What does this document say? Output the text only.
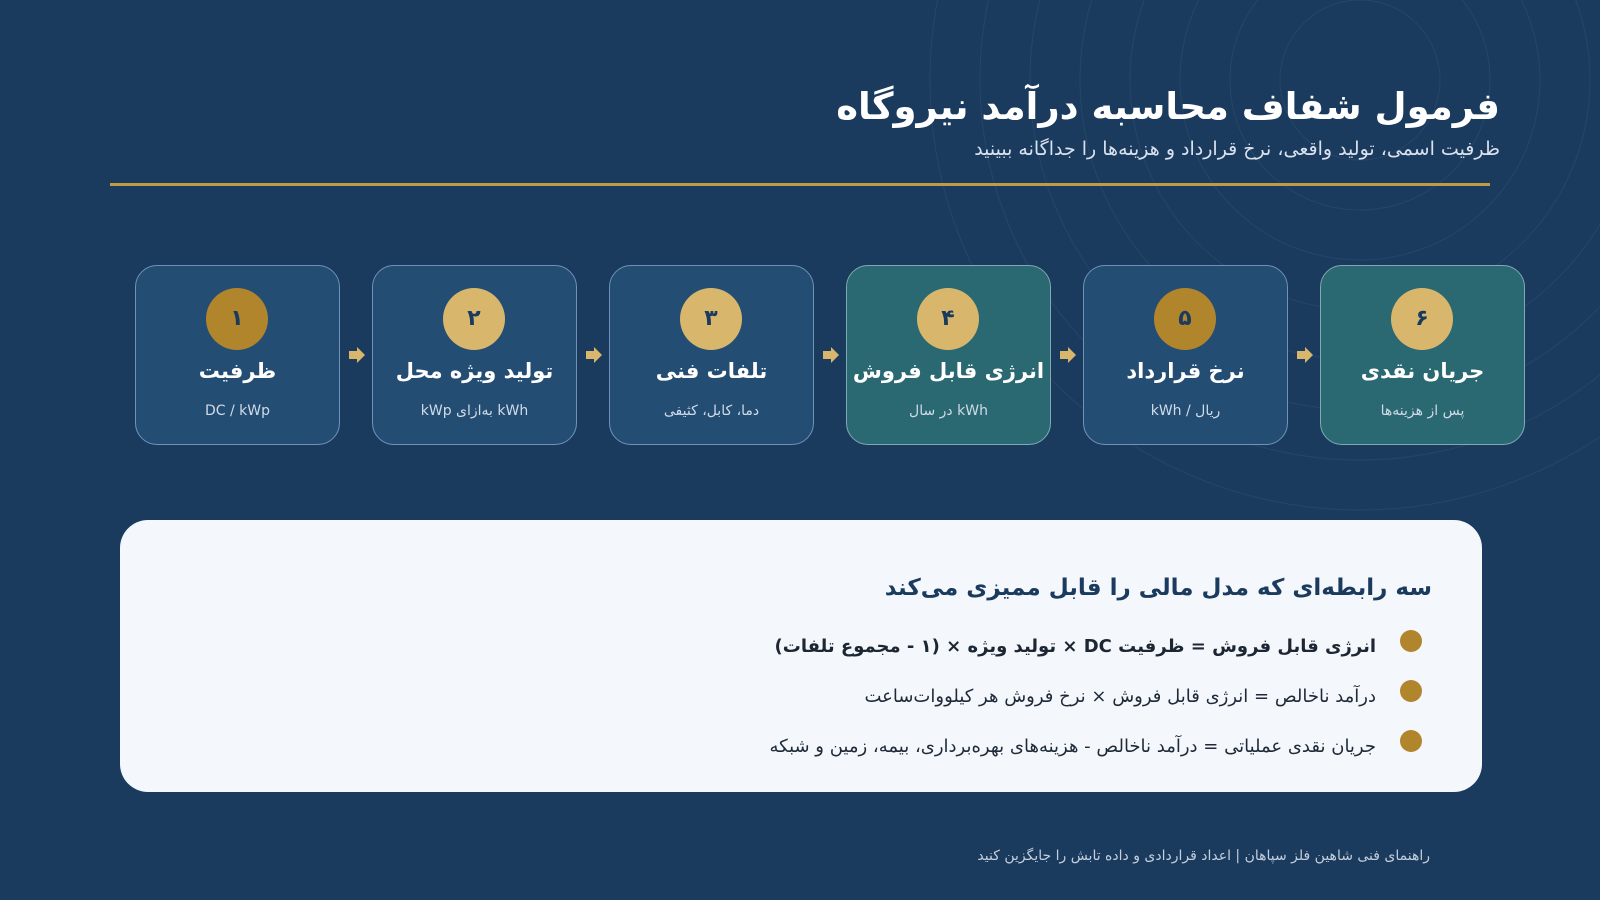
فرمول شفاف محاسبه درآمد نیروگاه
ظرفیت اسمی، تولید واقعی، نرخ قرارداد و هزینه‌ها را جداگانه ببینید
۱
ظرفیت
DC / kWp
۲
تولید ویژه محل
kWh به‌ازای kWp
۳
تلفات فنی
دما، کابل، کثیفی
۴
انرژی قابل فروش
kWh در سال
۵
نرخ قرارداد
ریال / kWh
۶
جریان نقدی
پس از هزینه‌ها
سه رابطه‌ای که مدل مالی را قابل ممیزی می‌کند
انرژی قابل فروش = ظرفیت DC × تولید ویژه × (۱ - مجموع تلفات)
درآمد ناخالص = انرژی قابل فروش × نرخ فروش هر کیلووات‌ساعت
جریان نقدی عملیاتی = درآمد ناخالص - هزینه‌های بهره‌برداری، بیمه، زمین و شبکه
راهنمای فنی شاهین فلز سپاهان | اعداد قراردادی و داده تابش را جایگزین کنید
